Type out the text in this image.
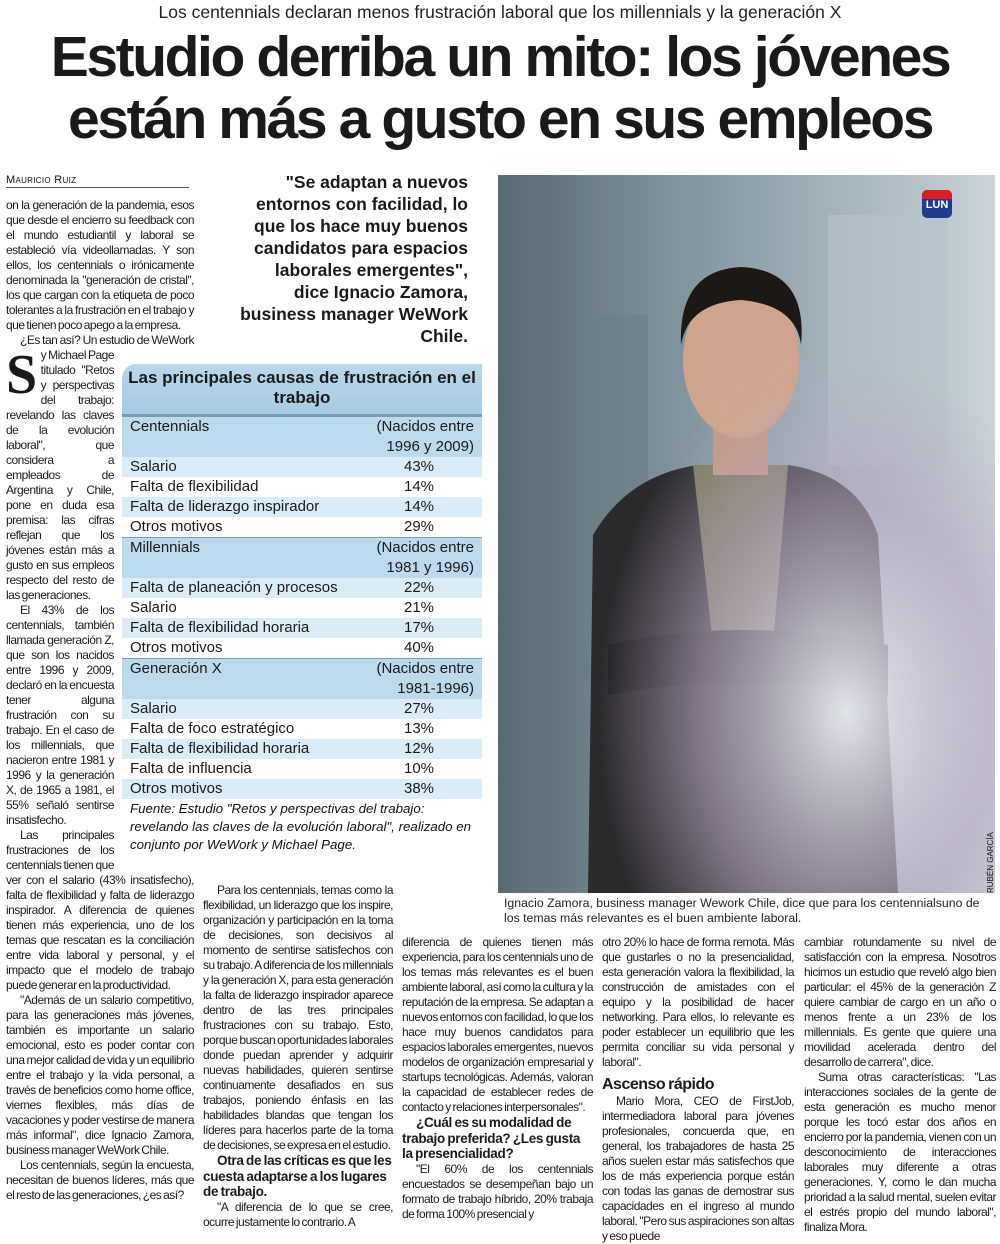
Los centennials declaran menos frustración laboral que los millennials y la generación X
Estudio derriba un mito: los jóvenes
están más a gusto en sus empleos
Mauricio Ruiz
S

on la generación de la pandemia, esos que desde el encierro su feedback con el mundo estudiantil y laboral se estableció vía videollamadas. Y son ellos, los centennials o irónicamente denominada la "generación de cristal", los que cargan con la etiqueta de poco tolerantes a la frustración en el trabajo y que tienen poco apego a la empresa.

¿Es tan así? Un estudio de WeWork y Michael Page titulado "Retos y perspectivas del trabajo: revelando las claves de la evolución laboral", que considera a empleados de Argentina y Chile, pone en duda esa premisa: las cifras reflejan que los jóvenes están más a gusto en sus empleos respecto del resto de las generaciones.

El 43% de los centennials, también llamada generación Z, que son los nacidos entre 1996 y 2009, declaró en la encuesta tener alguna frustración con su trabajo. En el caso de los millennials, que nacieron entre 1981 y 1996 y la generación X, de 1965 a 1981, el 55% señaló sentirse insatisfecho.

Las principales frustraciones de

los centennials tienen que ver con el salario (43% insatisfecho), falta de flexibilidad y falta de liderazgo inspirador. A diferencia de quienes tienen más experiencia, uno de los temas que rescatan es la conciliación entre vida laboral y personal, y el impacto que el modelo de trabajo puede generar en la productividad.

"Además de un salario competitivo, para las generaciones más jóvenes, también es importante un salario emocional, esto es poder contar con una mejor calidad de vida y un equilibrio entre el trabajo y la vida personal, a través de beneficios como home office, viernes flexibles, más días de vacaciones y poder vestirse de manera más informal", dice Ignacio Zamora, business manager WeWork Chile.

Los centennials, según la encuesta, necesitan de buenos líderes, más que el resto de las generaciones, ¿es así?

Para los centennials, temas como la flexibilidad, un liderazgo que los inspire, organización y participación en la toma de decisiones, son decisivos al momento de sentirse satisfechos con su trabajo. A diferencia de los millennials y la generación X, para esta generación la falta de liderazgo inspirador aparece dentro de las tres principales frustraciones con su trabajo. Esto, porque buscan oportunidades laborales donde puedan aprender y adquirir nuevas habilidades, quieren sentirse continuamente desafiados en sus trabajos, poniendo énfasis en las habilidades blandas que tengan los líderes para hacerlos parte de la toma de decisiones, se expresa en el estudio.

Otra de las críticas es que les cuesta adaptarse a los lugares de trabajo.

"A diferencia de lo que se cree, ocurre justamente lo contrario. A

diferencia de quienes tienen más experiencia, para los centennials uno de los temas más relevantes es el buen ambiente laboral, así como la cultura y la reputación de la empresa. Se adaptan a nuevos entornos con facilidad, lo que los hace muy buenos candidatos para espacios laborales emergentes, nuevos modelos de organización empresarial y startups tecnológicas. Además, valoran la capacidad de establecer redes de contacto y relaciones interpersonales".

¿Cuál es su modalidad de trabajo preferida? ¿Les gusta la presencialidad?

"El 60% de los centennials encuestados se desempeñan bajo un formato de trabajo híbrido, 20% trabaja de forma 100% presencial y

otro 20% lo hace de forma remota. Más que gustarles o no la presencialidad, esta generación valora la flexibilidad, la construcción de amistades con el equipo y la posibilidad de hacer networking. Para ellos, lo relevante es poder establecer un equilibrio que les permita conciliar su vida personal y laboral".

Ascenso rápido

Mario Mora, CEO de FirstJob, intermediadora laboral para jóvenes profesionales, concuerda que, en general, los trabajadores de hasta 25 años suelen estar más satisfechos que los de más experiencia porque están con todas las ganas de demostrar sus capacidades en el ingreso al mundo laboral. "Pero sus aspiraciones son altas y eso puede

cambiar rotundamente su nivel de satisfacción con la empresa. Nosotros hicimos un estudio que reveló algo bien particular: el 45% de la generación Z quiere cambiar de cargo en un año o menos frente a un 23% de los millennials. Es gente que quiere una movilidad acelerada dentro del desarrollo de carrera", dice.

Suma otras características: "Las interacciones sociales de la gente de esta generación es mucho menor porque les tocó estar dos años en encierro por la pandemia, vienen con un desconocimiento de interacciones laborales muy diferente a otras generaciones. Y, como le dan mucha prioridad a la salud mental, suelen evitar el estrés propio del mundo laboral", finaliza Mora.

"Se adaptan a nuevos entornos con facilidad, lo que los hace muy buenos candidatos para espacios laborales emergentes", dice Ignacio Zamora, business manager WeWork Chile.
Las principales causas de frustración en el trabajo
Centennials	(Nacidos entre 1996 y 2009)
Salario	43%
Falta de flexibilidad	14%
Falta de liderazgo inspirador	14%
Otros motivos	29%
Millennials	(Nacidos entre 1981 y 1996)
Falta de planeación y procesos	22%
Salario	21%
Falta de flexibilidad horaria	17%
Otros motivos	40%
Generación X	(Nacidos entre 1981-1996)
Salario	27%
Falta de foco estratégico	13%
Falta de flexibilidad horaria	12%
Falta de influencia	10%
Otros motivos	38%
Fuente: Estudio "Retos y perspectivas del trabajo: revelando las claves de la evolución laboral", realizado en conjunto por WeWork y Michael Page.
LUN
RUBÉN GARCÍA
Ignacio Zamora, business manager Wework Chile, dice que para los centennialsuno de los temas más relevantes es el buen ambiente laboral.
